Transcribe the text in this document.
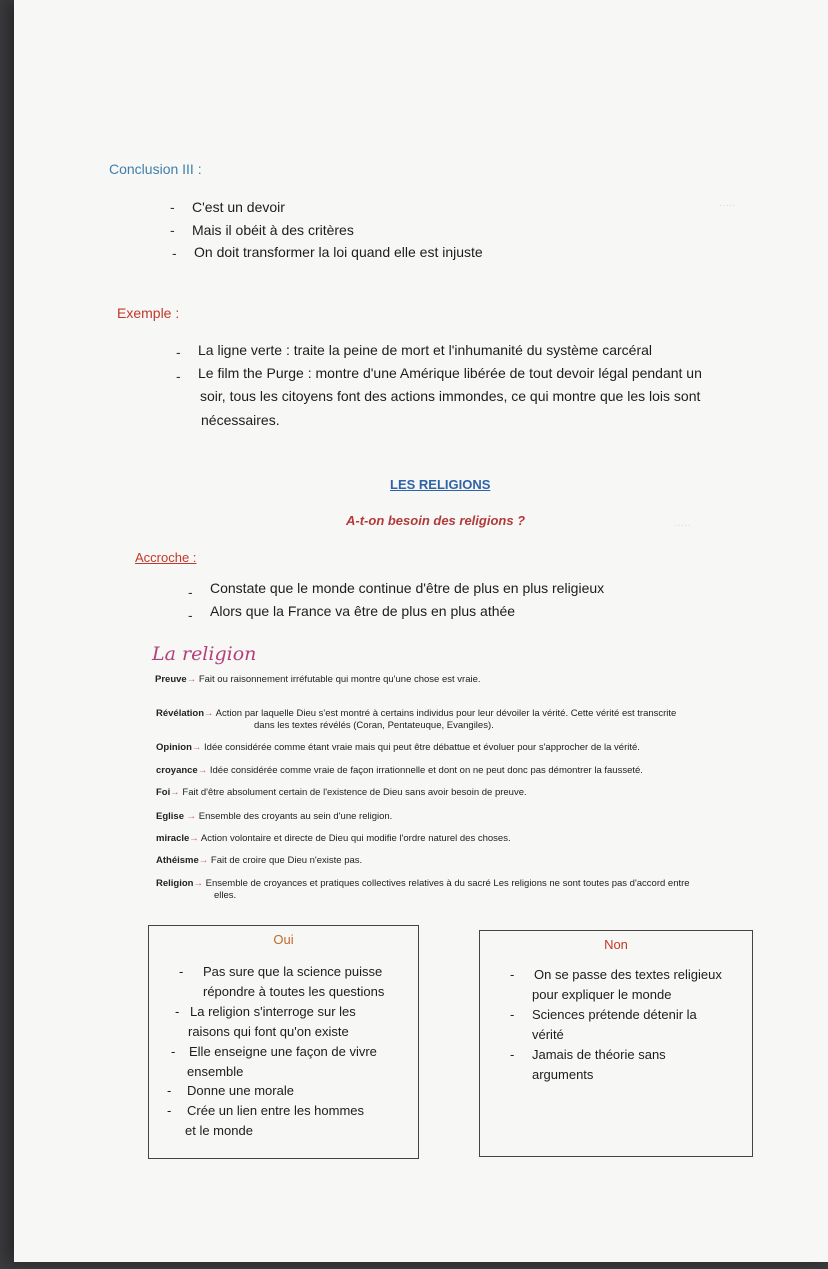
·····
·····
Conclusion III :
- C'est un devoir
- Mais il obéit à des critères
- On doit transformer la loi quand elle est injuste
Exemple :
- La ligne verte : traite la peine de mort et l'inhumanité du système carcéral
- Le film the Purge : montre d'une Amérique libérée de tout devoir légal pendant un
soir, tous les citoyens font des actions immondes, ce qui montre que les lois sont
nécessaires.
LES RELIGIONS
A-t-on besoin des religions ?
Accroche :
- Constate que le monde continue d'être de plus en plus religieux
- Alors que la France va être de plus en plus athée
La religion
Preuve→ Fait ou raisonnement irréfutable qui montre qu'une chose est vraie.
Révélation→ Action par laquelle Dieu s'est montré à certains individus pour leur dévoiler la vérité. Cette vérité est transcrite
dans les textes révélés (Coran, Pentateuque, Evangiles).
Opinion→ Idée considérée comme étant vraie mais qui peut être débattue et évoluer pour s'approcher de la vérité.
croyance→ Idée considérée comme vraie de façon irrationnelle et dont on ne peut donc pas démontrer la fausseté.
Foi→ Fait d'être absolument certain de l'existence de Dieu sans avoir besoin de preuve.
Eglise → Ensemble des croyants au sein d'une religion.
miracle→ Action volontaire et directe de Dieu qui modifie l'ordre naturel des choses.
Athéisme→ Fait de croire que Dieu n'existe pas.
Religion→ Ensemble de croyances et pratiques collectives relatives à du sacré Les religions ne sont toutes pas d'accord entre
elles.
Oui
-	Pas sure que la science puisse
répondre à toutes les questions
- La religion s'interroge sur les
raisons qui font qu'on existe
-	Elle enseigne une façon de vivre
ensemble
-	Donne une morale
-	Crée un lien entre les hommes
et le monde
Non
-	On se passe des textes religieux
pour expliquer le monde
-	Sciences prétende détenir la
vérité
-	Jamais de théorie sans
arguments
